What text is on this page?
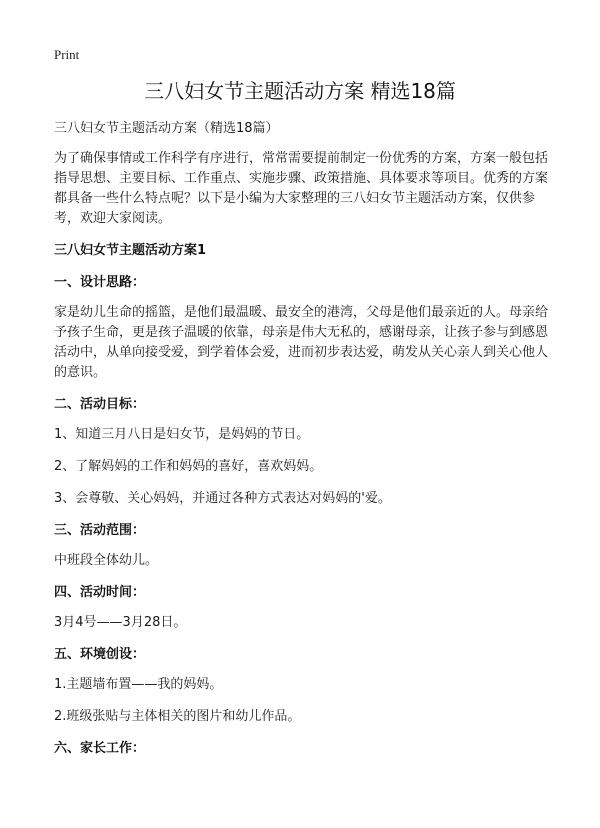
Print
三八妇女节主题活动方案 精选18篇

三八妇女节主题活动方案（精选18篇）

为了确保事情或工作科学有序进行，常常需要提前制定一份优秀的方案，方案一般包括指导思想、主要目标、工作重点、实施步骤、政策措施、具体要求等项目。优秀的方案都具备一些什么特点呢？以下是小编为大家整理的三八妇女节主题活动方案，仅供参考，欢迎大家阅读。

三八妇女节主题活动方案1

一、设计思路：

家是幼儿生命的摇篮，是他们最温暖、最安全的港湾，父母是他们最亲近的人。母亲给予孩子生命，更是孩子温暖的依靠，母亲是伟大无私的，感谢母亲，让孩子参与到感恩活动中，从单向接受爱，到学着体会爱，进而初步表达爱，萌发从关心亲人到关心他人的意识。

二、活动目标：

1、知道三月八日是妇女节，是妈妈的节日。

2、了解妈妈的工作和妈妈的喜好，喜欢妈妈。

3、会尊敬、关心妈妈，并通过各种方式表达对妈妈的'爱。

三、活动范围：

中班段全体幼儿。

四、活动时间：

3月4号——3月28日。

五、环境创设：

1.主题墙布置——我的妈妈。

2.班级张贴与主体相关的图片和幼儿作品。

六、家长工作：
